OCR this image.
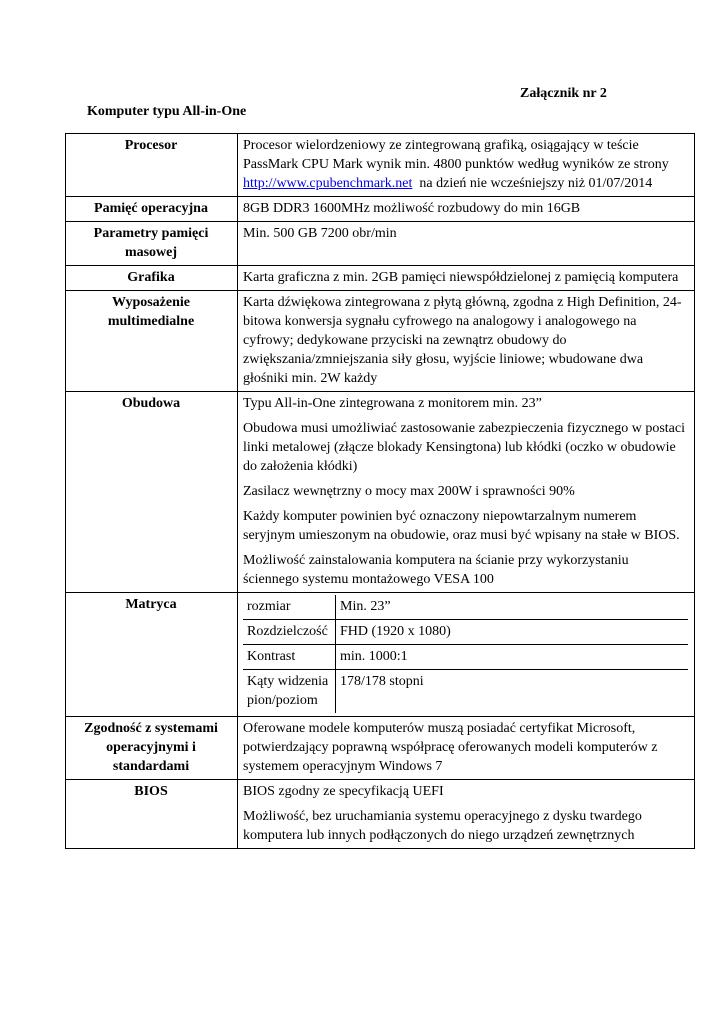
Załącznik nr 2
Komputer typu All-in-One
Procesor	Procesor wielordzeniowy ze zintegrowaną grafiką, osiągający w teście PassMark CPU Mark wynik min. 4800 punktów według wyników ze strony http://www.cpubenchmark.net  na dzień nie wcześniejszy niż 01/07/2014
Pamięć operacyjna	8GB DDR3 1600MHz możliwość rozbudowy do min 16GB
Parametry pamięci masowej	Min. 500 GB 7200 obr/min
Grafika	Karta graficzna z min. 2GB pamięci niewspółdzielonej z pamięcią komputera
Wyposażenie multimedialne	Karta dźwiękowa zintegrowana z płytą główną, zgodna z High Definition, 24-bitowa konwersja sygnału cyfrowego na analogowy i analogowego na cyfrowy; dedykowane przyciski na zewnątrz obudowy do zwiększania/zmniejszania siły głosu, wyjście liniowe; wbudowane dwa głośniki min. 2W każdy
Obudowa	Typu All-in-One zintegrowana z monitorem min. 23”

Obudowa musi umożliwiać zastosowanie zabezpieczenia fizycznego w postaci linki metalowej (złącze blokady Kensingtona) lub kłódki (oczko w obudowie do założenia kłódki)

Zasilacz wewnętrzny o mocy max 200W i sprawności 90%

Każdy komputer powinien być oznaczony niepowtarzalnym numerem seryjnym umieszonym na obudowie, oraz musi być wpisany na stałe w BIOS.

Możliwość zainstalowania komputera na ścianie przy wykorzystaniu ściennego systemu montażowego VESA 100

Matryca		rozmiar	Min. 23”
Rozdzielczość	FHD (1920 x 1080)
Kontrast	min. 1000:1
Kąty widzenia pion/poziom	178/178 stopni

Zgodność z systemami operacyjnymi i standardami	Oferowane modele komputerów muszą posiadać certyfikat Microsoft, potwierdzający poprawną współpracę oferowanych modeli komputerów z systemem operacyjnym Windows 7
BIOS	BIOS zgodny ze specyfikacją UEFI

Możliwość, bez uruchamiania systemu operacyjnego z dysku twardego komputera lub innych podłączonych do niego urządzeń zewnętrznych
